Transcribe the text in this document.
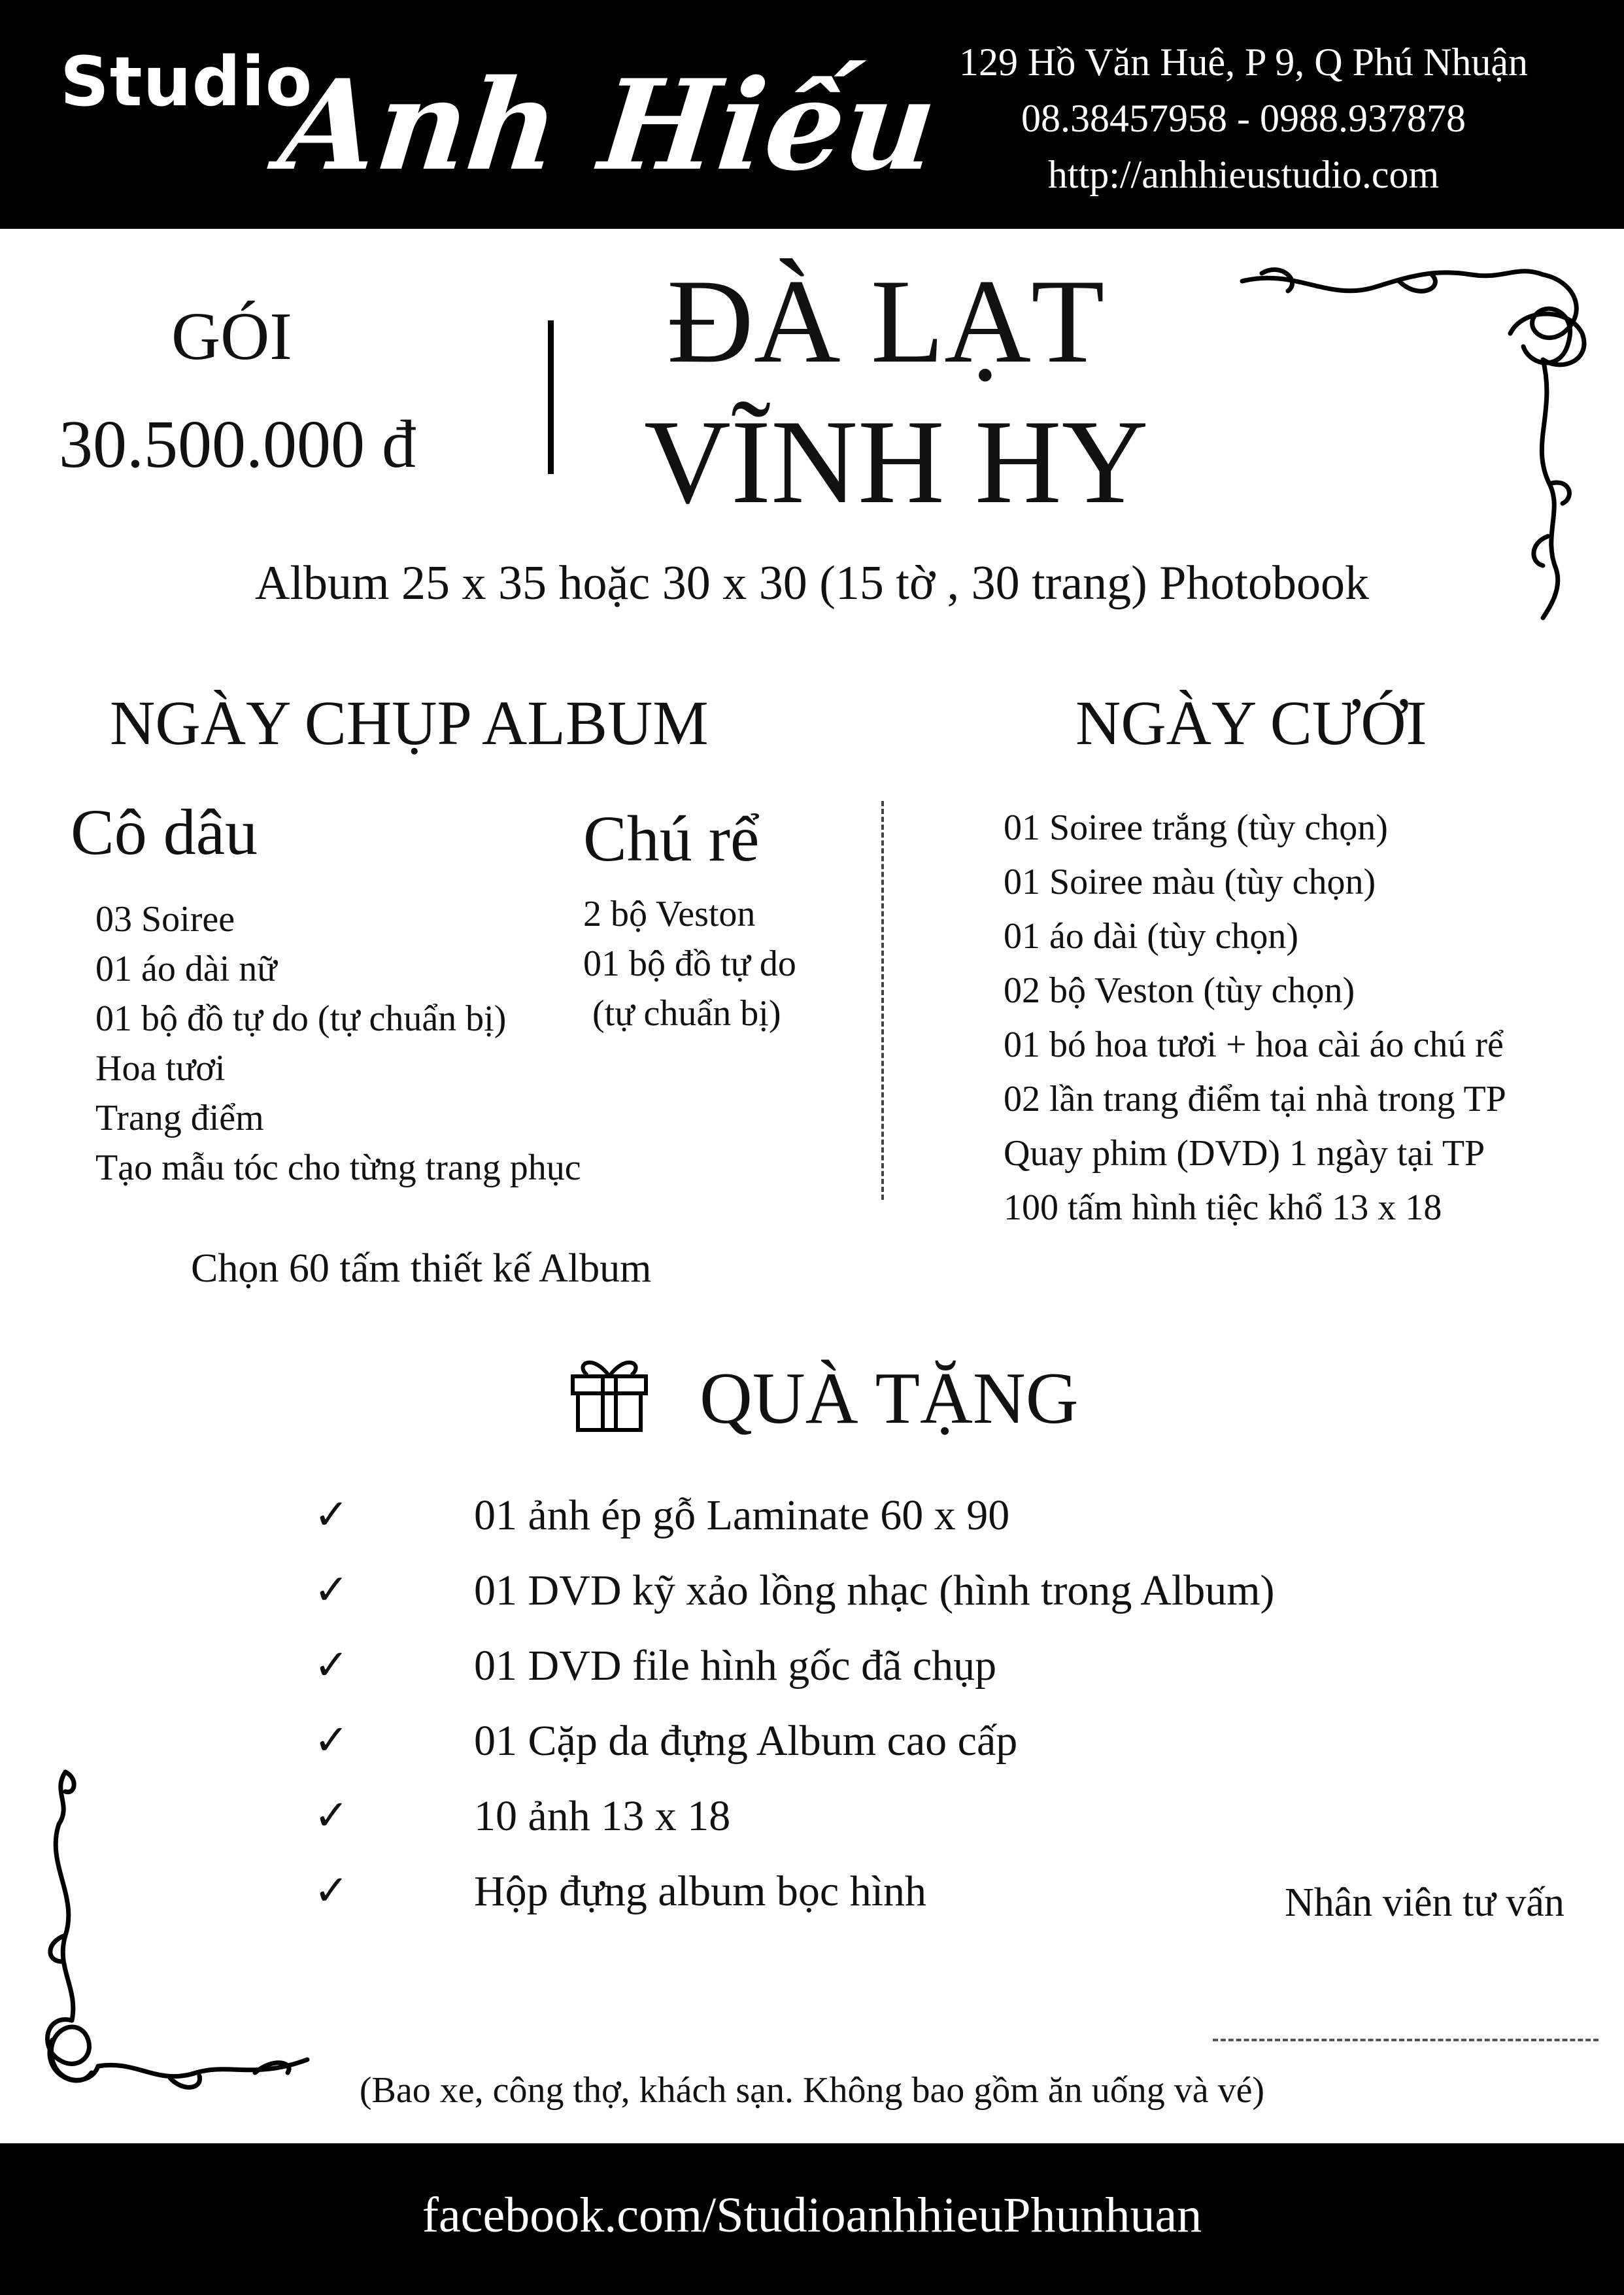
Studio
Anh Hiếu 129 Hồ Văn Huê, P 9, Q Phú Nhuận
08.38457958 - 0988.937878
http://anhhieustudio.com
GÓI
30.500.000 đ
ĐÀ LẠT
VĨNH HY
Album 25 x 35 hoặc 30 x 30 (15 tờ , 30 trang) Photobook
NGÀY CHỤP ALBUM	NGÀY CƯỚI
Cô dâu	Chú rể
03 Soiree
01 áo dài nữ
01 bộ đồ tự do (tự chuẩn bị)
Hoa tươi
Trang điểm
Tạo mẫu tóc cho từng trang phục
2 bộ Veston
01 bộ đồ tự do
(tự chuẩn bị)
01 Soiree trắng (tùy chọn)
01 Soiree màu (tùy chọn)
01 áo dài (tùy chọn)
02 bộ Veston (tùy chọn)
01 bó hoa tươi + hoa cài áo chú rể
02 lần trang điểm tại nhà trong TP
Quay phim (DVD) 1 ngày tại TP
100 tấm hình tiệc khổ 13 x 18
Chọn 60 tấm thiết kế Album
QUÀ TẶNG
✓	01 ảnh ép gỗ Laminate 60 x 90
✓	01 DVD kỹ xảo lồng nhạc (hình trong Album)
✓	01 DVD file hình gốc đã chụp
✓	01 Cặp da đựng Album cao cấp
✓	10 ảnh 13 x 18
✓	Hộp đựng album bọc hình	Nhân viên tư vấn
(Bao xe, công thợ, khách sạn. Không bao gồm ăn uống và vé)
facebook.com/StudioanhhieuPhunhuan
